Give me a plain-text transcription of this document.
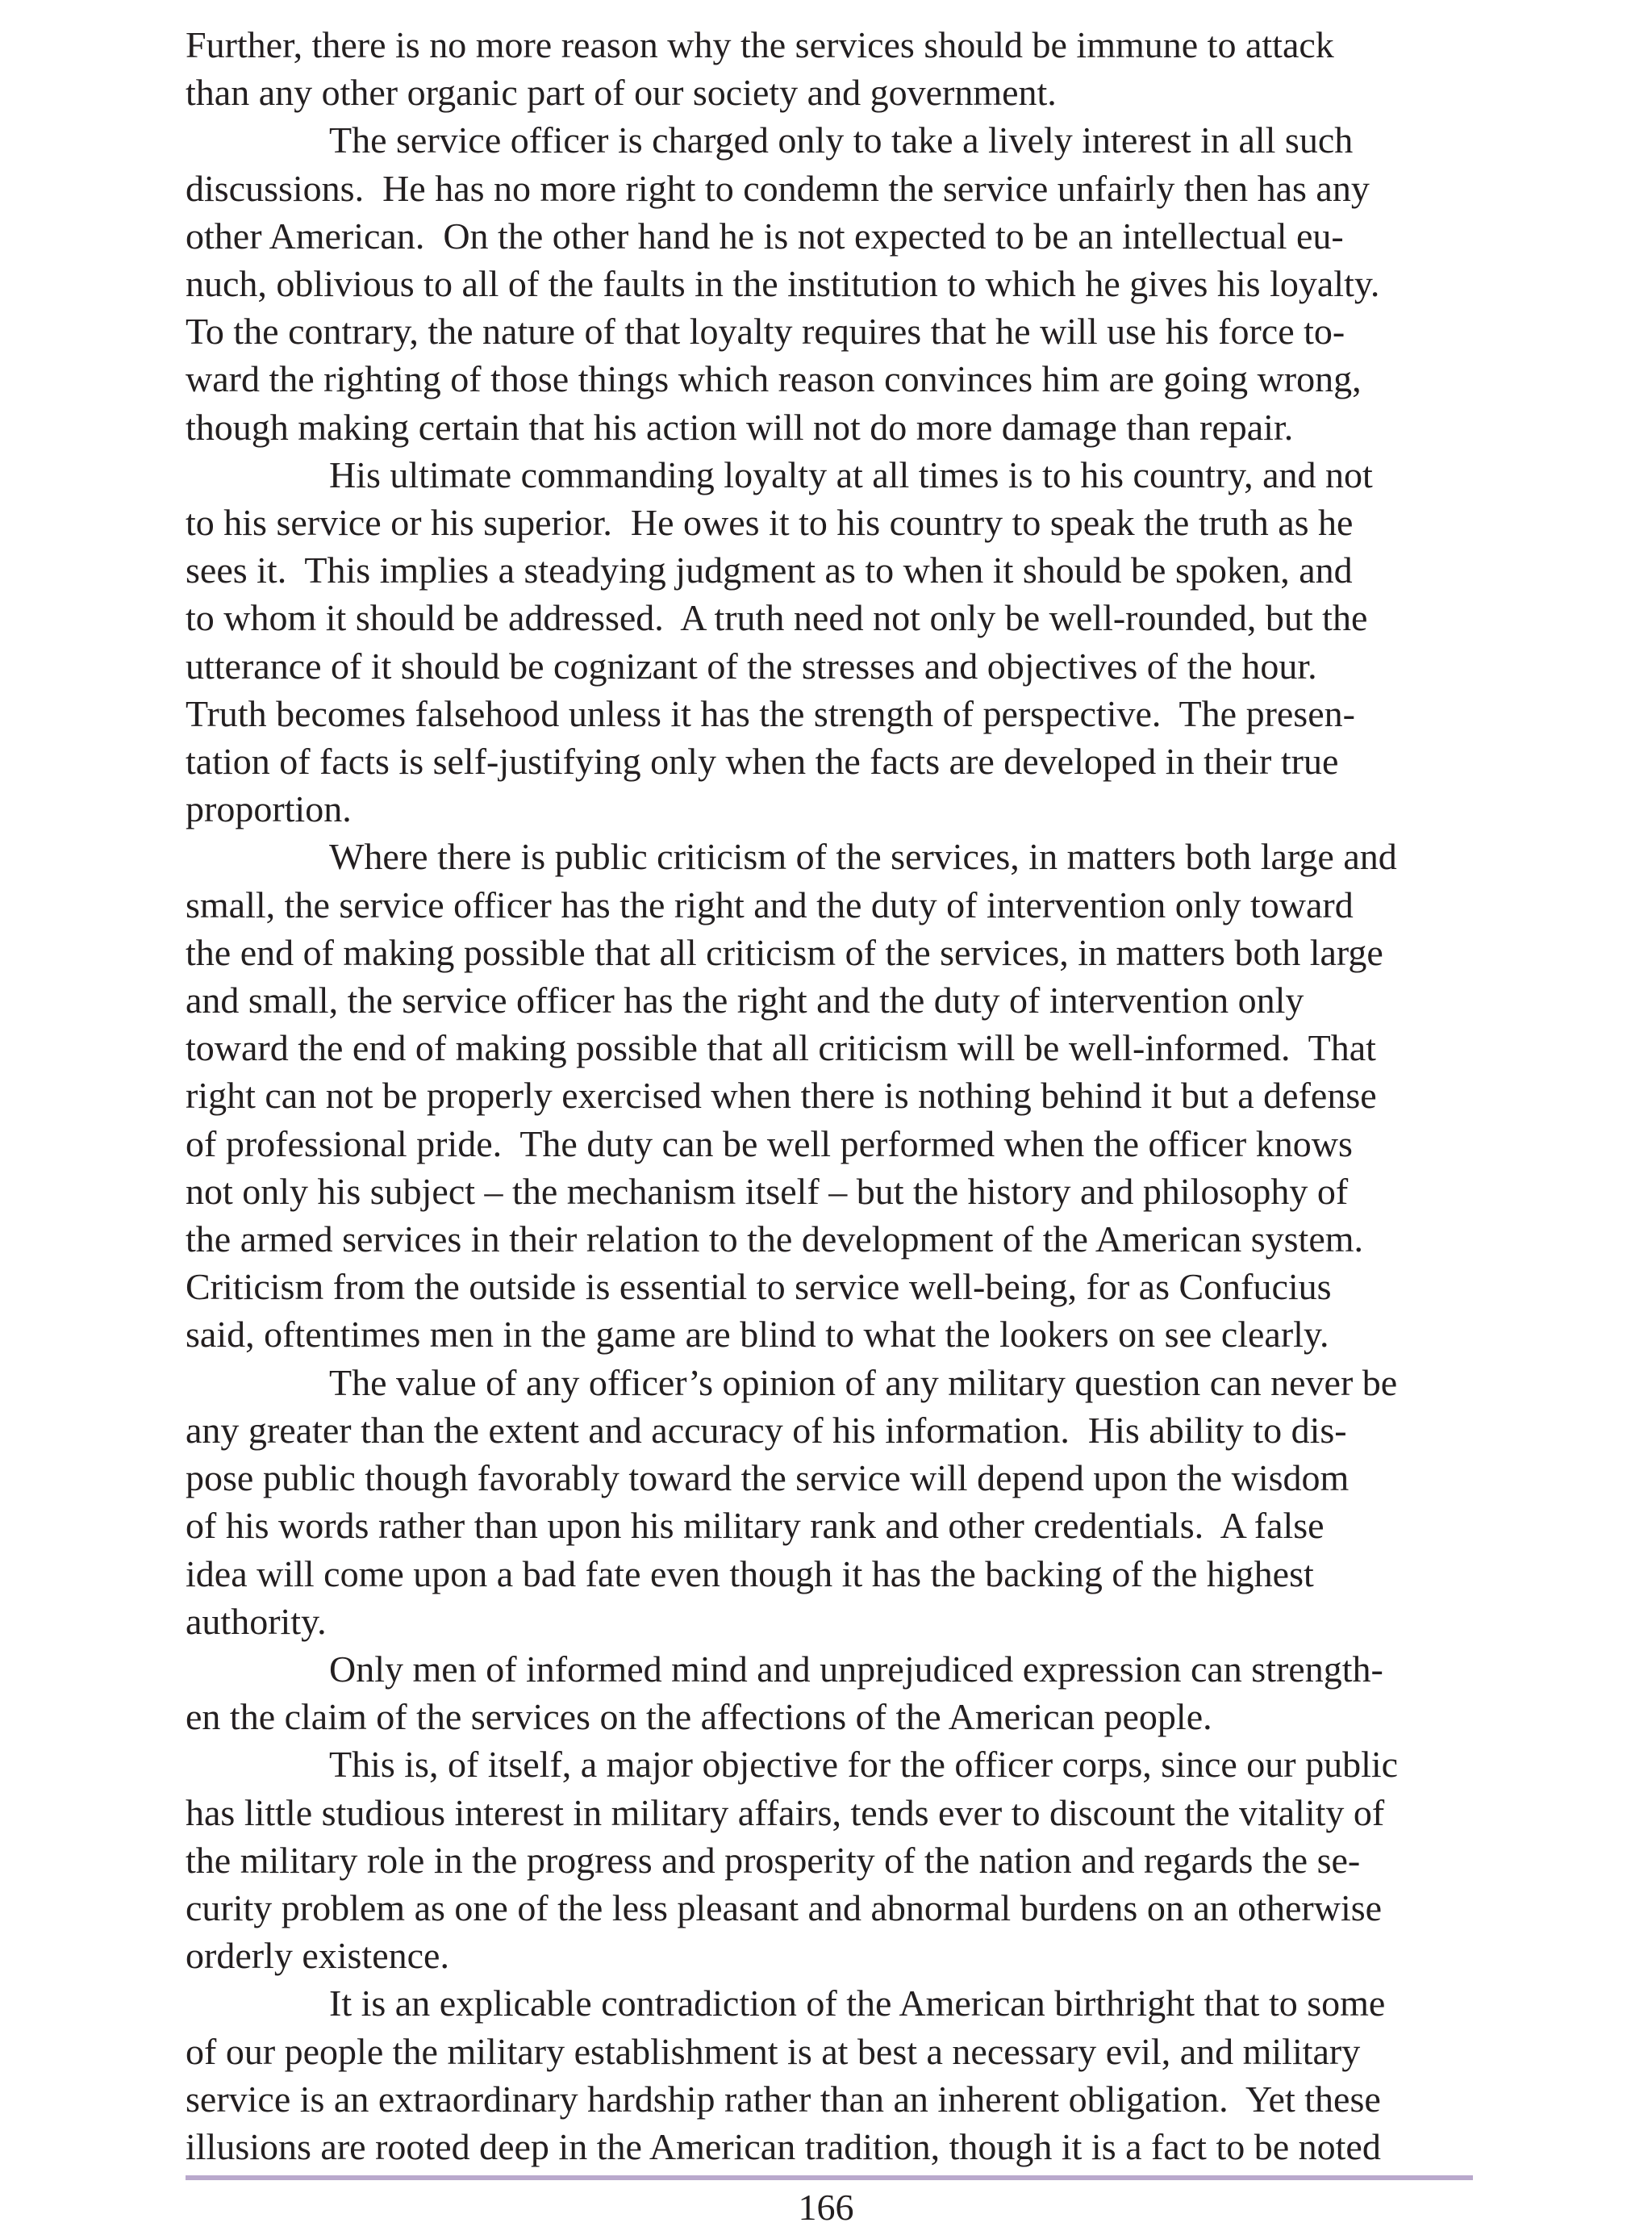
Further, there is no more reason why the services should be immune to attack
than any other organic part of our society and government.
The service officer is charged only to take a lively interest in all such
discussions.  He has no more right to condemn the service unfairly then has any
other American.  On the other hand he is not expected to be an intellectual eu-
nuch, oblivious to all of the faults in the institution to which he gives his loyalty.
To the contrary, the nature of that loyalty requires that he will use his force to-
ward the righting of those things which reason convinces him are going wrong,
though making certain that his action will not do more damage than repair.
His ultimate commanding loyalty at all times is to his country, and not
to his service or his superior.  He owes it to his country to speak the truth as he
sees it.  This implies a steadying judgment as to when it should be spoken, and
to whom it should be addressed.  A truth need not only be well-rounded, but the
utterance of it should be cognizant of the stresses and objectives of the hour.
Truth becomes falsehood unless it has the strength of perspective.  The presen-
tation of facts is self-justifying only when the facts are developed in their true
proportion.
Where there is public criticism of the services, in matters both large and
small, the service officer has the right and the duty of intervention only toward
the end of making possible that all criticism of the services, in matters both large
and small, the service officer has the right and the duty of intervention only
toward the end of making possible that all criticism will be well-informed.  That
right can not be properly exercised when there is nothing behind it but a defense
of professional pride.  The duty can be well performed when the officer knows
not only his subject – the mechanism itself – but the history and philosophy of
the armed services in their relation to the development of the American system.
Criticism from the outside is essential to service well-being, for as Confucius
said, oftentimes men in the game are blind to what the lookers on see clearly.
The value of any officer’s opinion of any military question can never be
any greater than the extent and accuracy of his information.  His ability to dis-
pose public though favorably toward the service will depend upon the wisdom
of his words rather than upon his military rank and other credentials.  A false
idea will come upon a bad fate even though it has the backing of the highest
authority.
Only men of informed mind and unprejudiced expression can strength-
en the claim of the services on the affections of the American people.
This is, of itself, a major objective for the officer corps, since our public
has little studious interest in military affairs, tends ever to discount the vitality of
the military role in the progress and prosperity of the nation and regards the se-
curity problem as one of the less pleasant and abnormal burdens on an otherwise
orderly existence.
It is an explicable contradiction of the American birthright that to some
of our people the military establishment is at best a necessary evil, and military
service is an extraordinary hardship rather than an inherent obligation.  Yet these
illusions are rooted deep in the American tradition, though it is a fact to be noted
166
